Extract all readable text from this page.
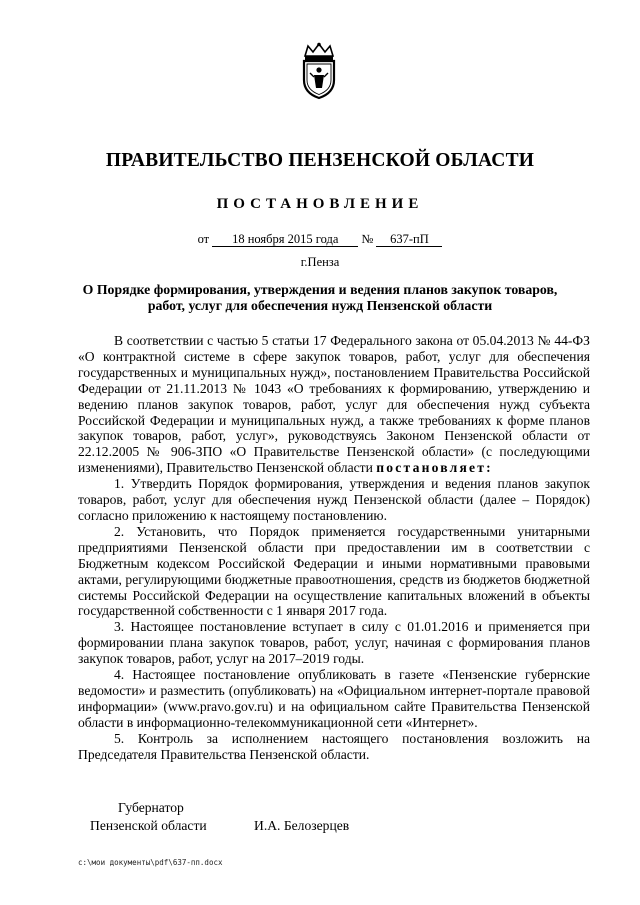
ПРАВИТЕЛЬСТВО ПЕНЗЕНСКОЙ ОБЛАСТИ
ПОСТАНОВЛЕНИЕ
от 18 ноября 2015 года № 637-пП
г.Пенза
О Порядке формирования, утверждения и ведения планов закупок товаров, работ, услуг для обеспечения нужд Пензенской области

В соответствии с частью 5 статьи 17 Федерального закона от 05.04.2013 № 44-ФЗ «О контрактной системе в сфере закупок товаров, работ, услуг для обеспечения государственных и муниципальных нужд», постановлением Правительства Российской Федерации от 21.11.2013 № 1043 «О требованиях к формированию, утверждению и ведению планов закупок товаров, работ, услуг для обеспечения нужд субъекта Российской Федерации и муниципальных нужд, а также требованиях к форме планов закупок товаров, работ, услуг», руководствуясь Законом Пензенской области от 22.12.2005 № 906-ЗПО «О Правительстве Пензенской области» (с последующими изменениями), Правительство Пензенской области постановляет:

1. Утвердить Порядок формирования, утверждения и ведения планов закупок товаров, работ, услуг для обеспечения нужд Пензенской области (далее – Порядок) согласно приложению к настоящему постановлению.

2. Установить, что Порядок применяется государственными унитарными предприятиями Пензенской области при предоставлении им в соответствии с Бюджетным кодексом Российской Федерации и иными нормативными правовыми актами, регулирующими бюджетные правоотношения, средств из бюджетов бюджетной системы Российской Федерации на осуществление капитальных вложений в объекты государственной собственности с 1 января 2017 года.

3. Настоящее постановление вступает в силу с 01.01.2016 и применяется при формировании плана закупок товаров, работ, услуг, начиная с формирования планов закупок товаров, работ, услуг на 2017–2019 годы.

4. Настоящее постановление опубликовать в газете «Пензенские губернские ведомости» и разместить (опубликовать) на «Официальном интернет-портале правовой информации» (www.pravo.gov.ru) и на официальном сайте Правительства Пензенской области в информационно-телекоммуникационной сети «Интернет».

5. Контроль за исполнением настоящего постановления возложить на Председателя Правительства Пензенской области.

Губернатор
Пензенской области	И.А. Белозерцев
c:\мои документы\pdf\637-пп.docx
